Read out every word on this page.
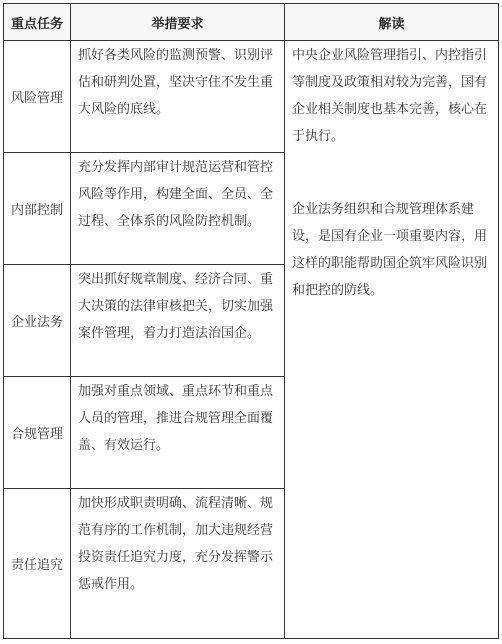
重点任务	举措要求	解读
风险管理	抓好各类风险的监测预警、识别评估和研判处置，坚决守住不发生重大风险的底线。	中央企业风险管理指引、内控指引等制度及政策相对较为完善，国有企业相关制度也基本完善，核心在于执行。
企业法务组织和合规管理体系建设，是国有企业一项重要内容，用这样的职能帮助国企筑牢风险识别和把控的防线。

内部控制	充分发挥内部审计规范运营和管控风险等作用，构建全面、全员、全过程、全体系的风险防控机制。	
企业法务	突出抓好规章制度、经济合同、重大决策的法律审核把关，切实加强案件管理，着力打造法治国企。	
合规管理	加强对重点领域、重点环节和重点人员的管理，推进合规管理全面覆盖、有效运行。	
责任追究	加快形成职责明确、流程清晰、规范有序的工作机制，加大违规经营投资责任追究力度，充分发挥警示惩戒作用。	
